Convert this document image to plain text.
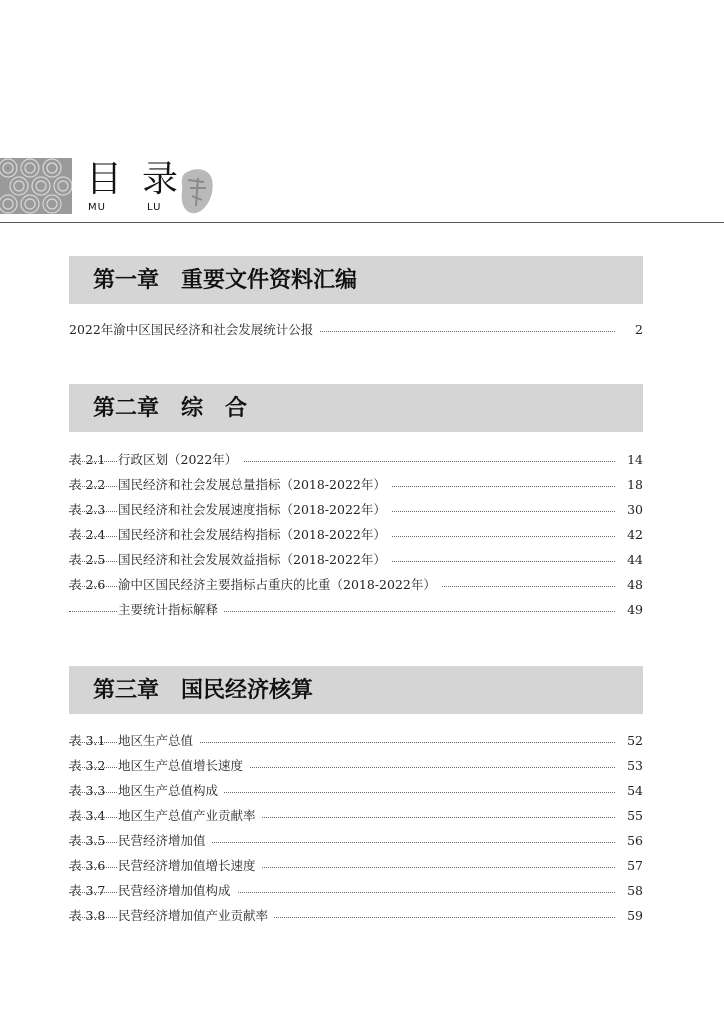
目 录
MU	LU
第一章　重要文件资料汇编
2022年渝中区国民经济和社会发展统计公报	2
第二章　综　合
表 2.1 行政区划（2022年）	14
表 2.2 国民经济和社会发展总量指标（2018-2022年）	18
表 2.3 国民经济和社会发展速度指标（2018-2022年）	30
表 2.4 国民经济和社会发展结构指标（2018-2022年）	42
表 2.5 国民经济和社会发展效益指标（2018-2022年）	44
表 2.6 渝中区国民经济主要指标占重庆的比重（2018-2022年）	48
主要统计指标解释	49
第三章　国民经济核算
表 3.1 地区生产总值	52
表 3.2 地区生产总值增长速度	53
表 3.3 地区生产总值构成	54
表 3.4 地区生产总值产业贡献率	55
表 3.5 民营经济增加值	56
表 3.6 民营经济增加值增长速度	57
表 3.7 民营经济增加值构成	58
表 3.8 民营经济增加值产业贡献率	59
